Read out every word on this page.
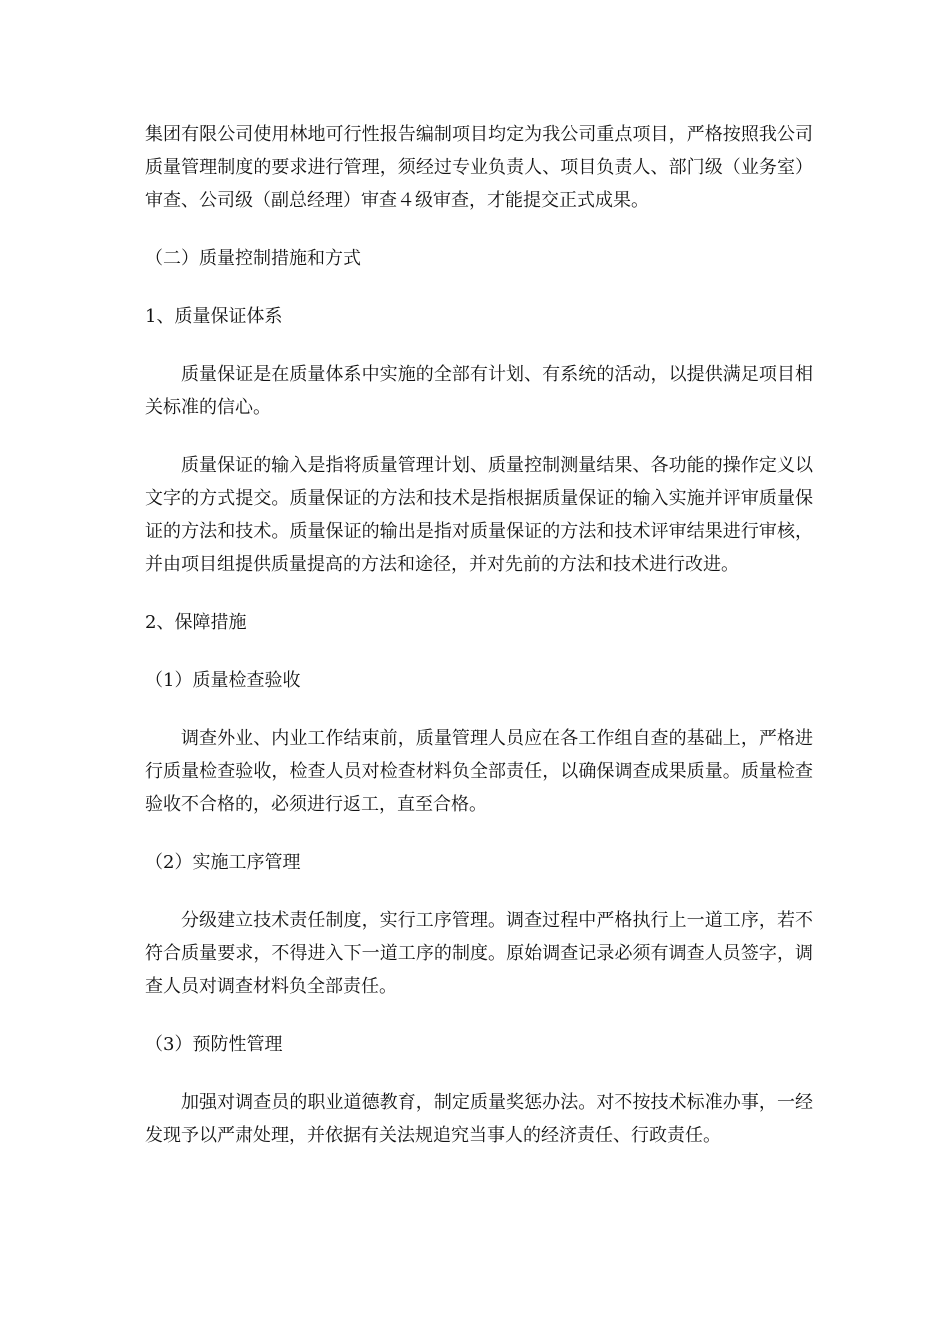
集团有限公司使用林地可行性报告编制项目均定为我公司重点项目，严格按照我公司质量管理制度的要求进行管理，须经过专业负责人、项目负责人、部门级（业务室）审查、公司级（副总经理）审查４级审查，才能提交正式成果。

（二）质量控制措施和方式

1、质量保证体系

质量保证是在质量体系中实施的全部有计划、有系统的活动，以提供满足项目相关标准的信心。

质量保证的输入是指将质量管理计划、质量控制测量结果、各功能的操作定义以文字的方式提交。质量保证的方法和技术是指根据质量保证的输入实施并评审质量保证的方法和技术。质量保证的输出是指对质量保证的方法和技术评审结果进行审核，并由项目组提供质量提高的方法和途径，并对先前的方法和技术进行改进。

2、保障措施

（1）质量检查验收

调查外业、内业工作结束前，质量管理人员应在各工作组自查的基础上，严格进行质量检查验收，检查人员对检查材料负全部责任，以确保调查成果质量。质量检查验收不合格的，必须进行返工，直至合格。

（2）实施工序管理

分级建立技术责任制度，实行工序管理。调查过程中严格执行上一道工序，若不符合质量要求，不得进入下一道工序的制度。原始调查记录必须有调查人员签字，调查人员对调查材料负全部责任。

（3）预防性管理

加强对调查员的职业道德教育，制定质量奖惩办法。对不按技术标准办事，一经发现予以严肃处理，并依据有关法规追究当事人的经济责任、行政责任。
